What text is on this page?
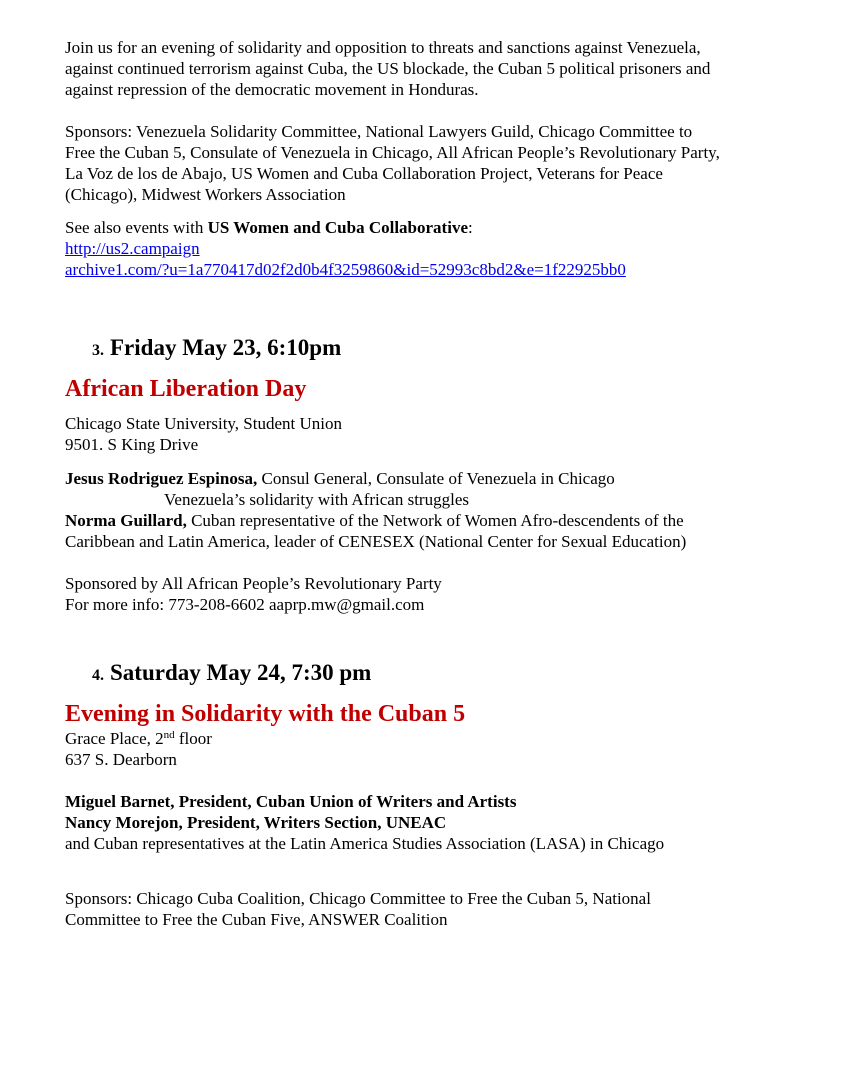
Join us for an evening of solidarity and opposition to threats and sanctions against Venezuela,

against continued terrorism against Cuba, the US blockade, the Cuban 5 political prisoners and

against repression of the democratic movement in Honduras.

Sponsors: Venezuela Solidarity Committee, National Lawyers Guild, Chicago Committee to

Free the Cuban 5, Consulate of Venezuela in Chicago, All African People’s Revolutionary Party,

La Voz de los de Abajo, US Women and Cuba Collaboration Project, Veterans for Peace

(Chicago), Midwest Workers Association

See also events with US Women and Cuba Collaborative:

http://us2.campaign
archive1.com/?u=1a770417d02f2d0b4f3259860&id=52993c8bd2&e=1f22925bb0
3. Friday May 23, 6:10pm
African Liberation Day

Chicago State University, Student Union

9501. S King Drive

Jesus Rodriguez Espinosa, Consul General, Consulate of Venezuela in Chicago

Venezuela’s solidarity with African struggles

Norma Guillard, Cuban representative of the Network of Women Afro-descendents of the

Caribbean and Latin America, leader of CENESEX (National Center for Sexual Education)

Sponsored by All African People’s Revolutionary Party

For more info: 773-208-6602 aaprp.mw@gmail.com

4. Saturday May 24, 7:30 pm
Evening in Solidarity with the Cuban 5

Grace Place, 2nd floor

637 S. Dearborn

Miguel Barnet, President, Cuban Union of Writers and Artists

Nancy Morejon, President, Writers Section, UNEAC

and Cuban representatives at the Latin America Studies Association (LASA) in Chicago

Sponsors: Chicago Cuba Coalition, Chicago Committee to Free the Cuban 5, National

Committee to Free the Cuban Five, ANSWER Coalition
